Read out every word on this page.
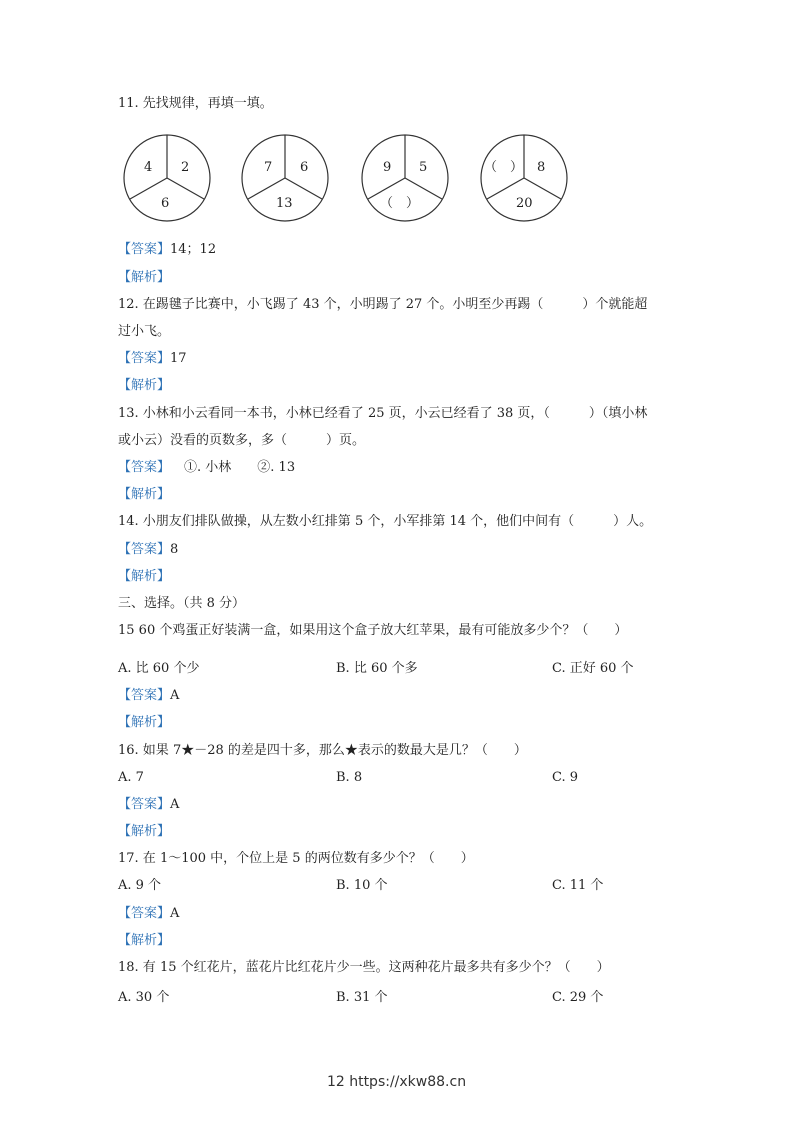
11. 先找规律，再填一填。
4 2
6
7 6
13
9 5
（　）
（　） 8
20
【答案】14；12
【解析】
12. 在踢毽子比赛中，小飞踢了 43 个，小明踢了 27 个。小明至少再踢（　　　）个就能超
过小飞。
【答案】17
【解析】
13. 小林和小云看同一本书，小林已经看了 25 页，小云已经看了 38 页，（　　　）（填小林
或小云）没看的页数多，多（　　　）页。
【答案】 ①. 小林　　②. 13
【解析】
14. 小朋友们排队做操，从左数小红排第 5 个，小军排第 14 个，他们中间有（　　　）人。
【答案】8
【解析】
三、选择。（共 8 分）
15 60 个鸡蛋正好装满一盒，如果用这个盒子放大红苹果，最有可能放多少个？（　　）
A. 比 60 个少	B. 比 60 个多	C. 正好 60 个
【答案】A
【解析】
16. 如果 7★－28 的差是四十多，那么★表示的数最大是几？（　　）
A. 7	B. 8	C. 9
【答案】A
【解析】
17. 在 1～100 中，个位上是 5 的两位数有多少个？（　　）
A. 9 个	B. 10 个	C. 11 个
【答案】A
【解析】
18. 有 15 个红花片，蓝花片比红花片少一些。这两种花片最多共有多少个？（　　）
A. 30 个	B. 31 个	C. 29 个
12 https://xkw88.cn
